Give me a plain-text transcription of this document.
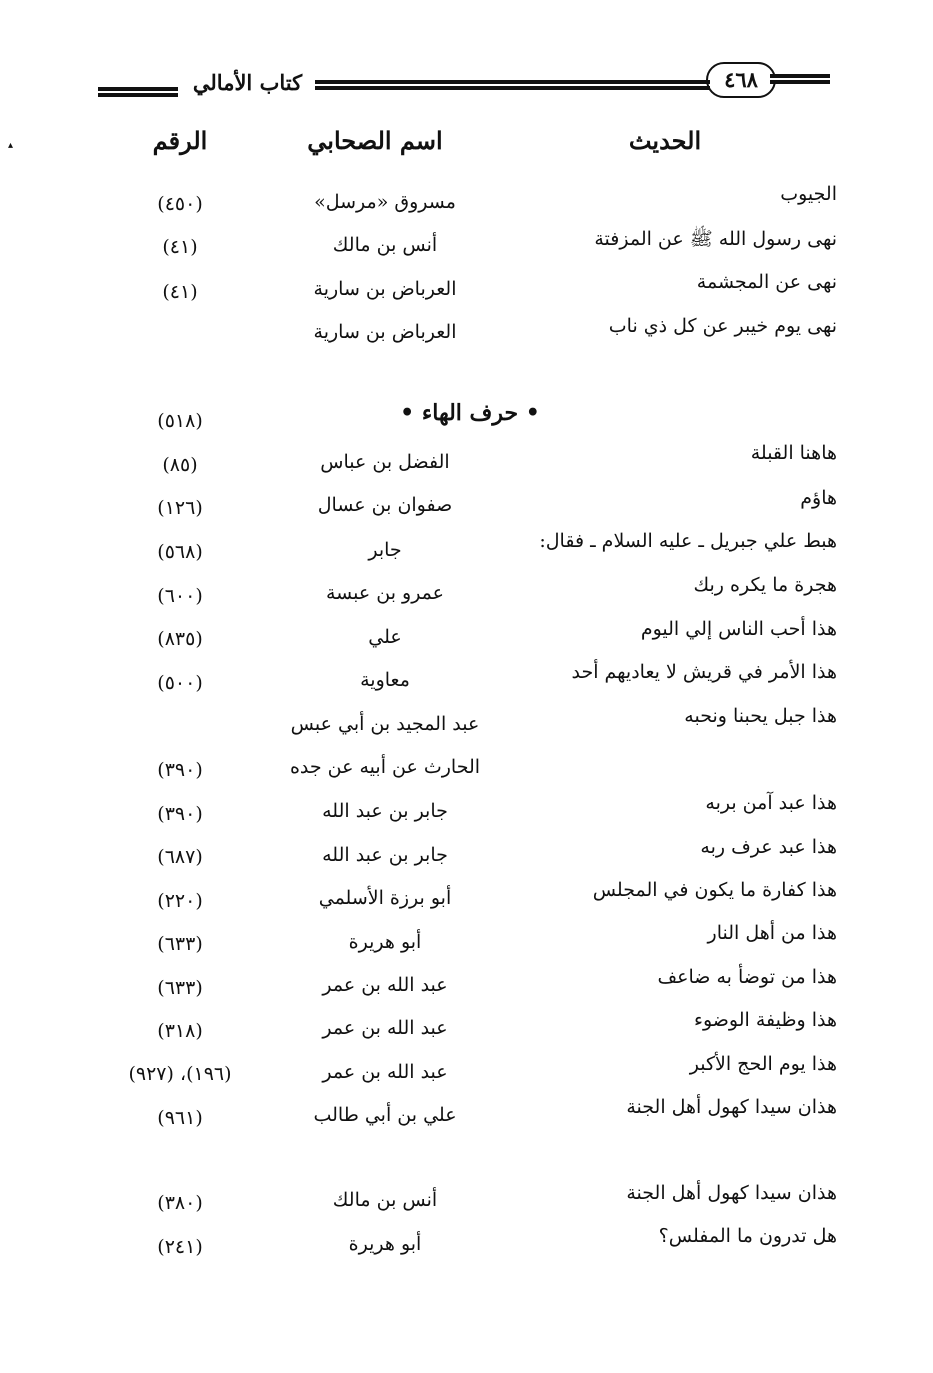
كتاب الأمالي	٤٦٨
▴	الحديث
اسم الصحابي
الرقم
• حرف الهاء •
الجيوب
مسروق «مرسل»
(٤٥٠)
نهى رسول الله ﷺ عن المزفتة
أنس بن مالك
(٤١)
نهى عن المجشمة
العرباض بن سارية
(٤١)
نهى يوم خيبر عن كل ذي ناب
العرباض بن سارية
(٥١٨)
هاهنا القبلة
الفضل بن عباس
(٨٥)
هاؤم
صفوان بن عسال
(١٢٦)
هبط علي جبريل ـ عليه السلام ـ فقال:
جابر
(٥٦٨)
هجرة ما يكره ربك
عمرو بن عبسة
(٦٠٠)
هذا أحب الناس إلي اليوم
علي
(٨٣٥)
هذا الأمر في قريش لا يعاديهم أحد
معاوية
(٥٠٠)
هذا جبل يحبنا ونحبه
عبد المجيد بن أبي عبس
الحارث عن أبيه عن جده
(٣٩٠)
هذا عبد آمن بربه
جابر بن عبد الله
(٣٩٠)
هذا عبد عرف ربه
جابر بن عبد الله
(٦٨٧)
هذا كفارة ما يكون في المجلس
أبو برزة الأسلمي
(٢٢٠)
هذا من أهل النار
أبو هريرة
(٦٣٣)
هذا من توضأ به ضاعف
عبد الله بن عمر
(٦٣٣)
هذا وظيفة الوضوء
عبد الله بن عمر
(٣١٨)
هذا يوم الحج الأكبر
عبد الله بن عمر
(١٩٦)، (٩٢٧)
هذان سيدا كهول أهل الجنة
علي بن أبي طالب
(٩٦١)
هذان سيدا كهول أهل الجنة
أنس بن مالك
(٣٨٠)
هل تدرون ما المفلس؟
أبو هريرة
(٢٤١)
